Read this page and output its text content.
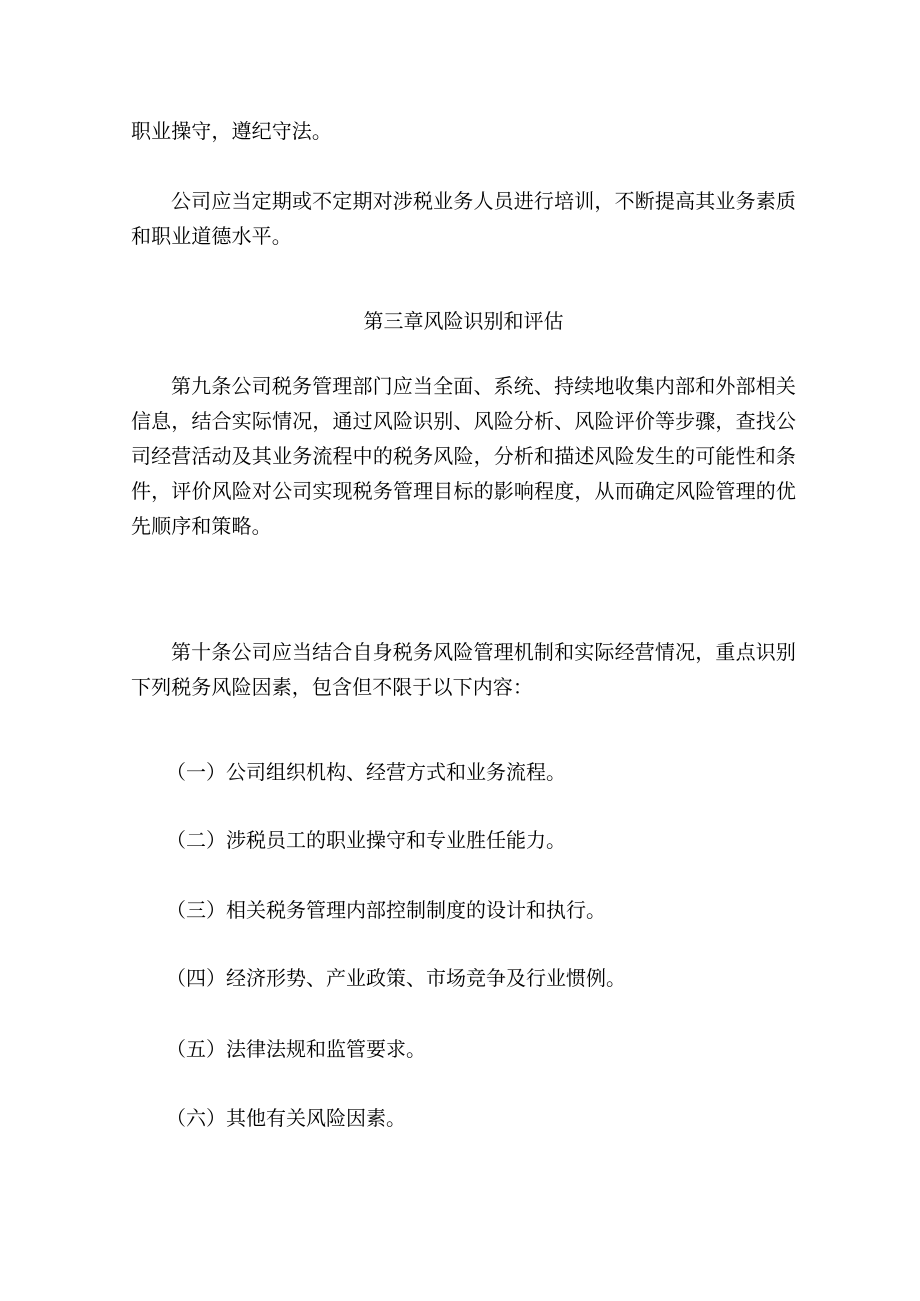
职业操守，遵纪守法。

公司应当定期或不定期对涉税业务人员进行培训，不断提高其业务素质和职业道德水平。

第三章风险识别和评估

第九条公司税务管理部门应当全面、系统、持续地收集内部和外部相关信息，结合实际情况，通过风险识别、风险分析、风险评价等步骤，查找公司经营活动及其业务流程中的税务风险，分析和描述风险发生的可能性和条件，评价风险对公司实现税务管理目标的影响程度，从而确定风险管理的优先顺序和策略。

第十条公司应当结合自身税务风险管理机制和实际经营情况，重点识别下列税务风险因素，包含但不限于以下内容：

（一）公司组织机构、经营方式和业务流程。

（二）涉税员工的职业操守和专业胜任能力。

（三）相关税务管理内部控制制度的设计和执行。

（四）经济形势、产业政策、市场竞争及行业惯例。

（五）法律法规和监管要求。

（六）其他有关风险因素。
